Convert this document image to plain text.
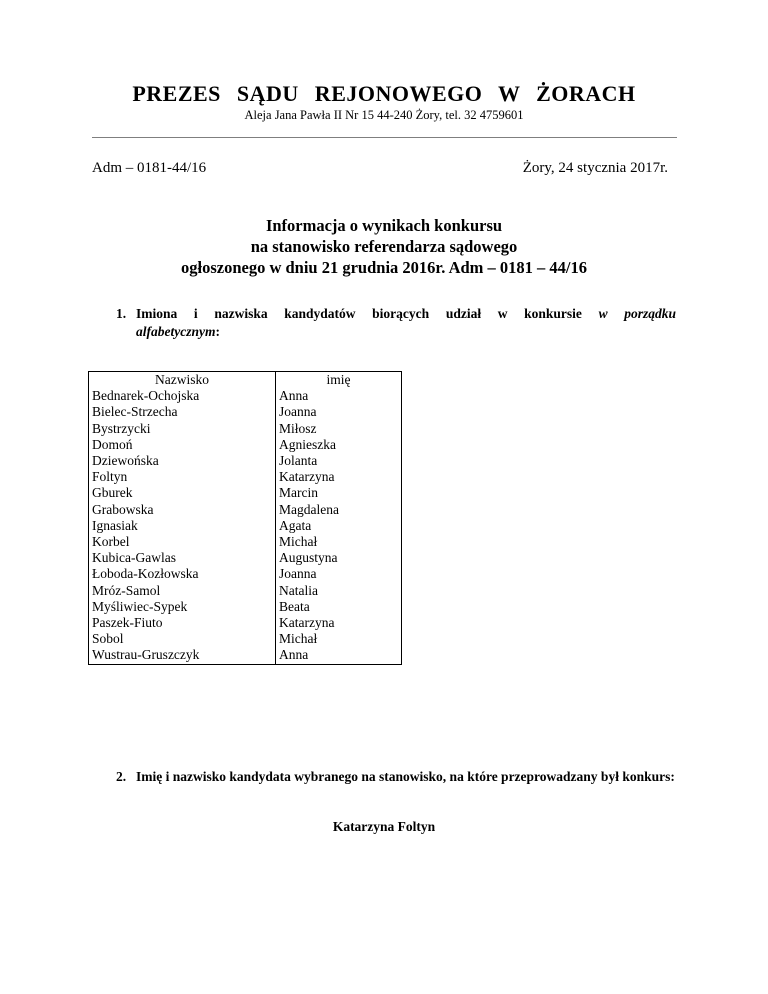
PREZES SĄDU REJONOWEGO W ŻORACH
Aleja Jana Pawła II Nr 15 44-240 Żory, tel. 32 4759601
Adm – 0181-44/16	Żory, 24 stycznia 2017r.
Informacja o wynikach konkursu
na stanowisko referendarza sądowego
ogłoszonego w dniu 21 grudnia 2016r. Adm – 0181 – 44/16
1. Imiona i nazwiska kandydatów biorących udział w konkursie w porządku
alfabetycznym:
Nazwisko	imię
Bednarek-Ochojska	Anna
Bielec-Strzecha	Joanna
Bystrzycki	Miłosz
Domoń	Agnieszka
Dziewońska	Jolanta
Foltyn	Katarzyna
Gburek	Marcin
Grabowska	Magdalena
Ignasiak	Agata
Korbel	Michał
Kubica-Gawlas	Augustyna
Łoboda-Kozłowska	Joanna
Mróz-Samol	Natalia
Myśliwiec-Sypek	Beata
Paszek-Fiuto	Katarzyna
Sobol	Michał
Wustrau-Gruszczyk	Anna
2. Imię i nazwisko kandydata wybranego na stanowisko, na które przeprowadzany był konkurs:
Katarzyna Foltyn
